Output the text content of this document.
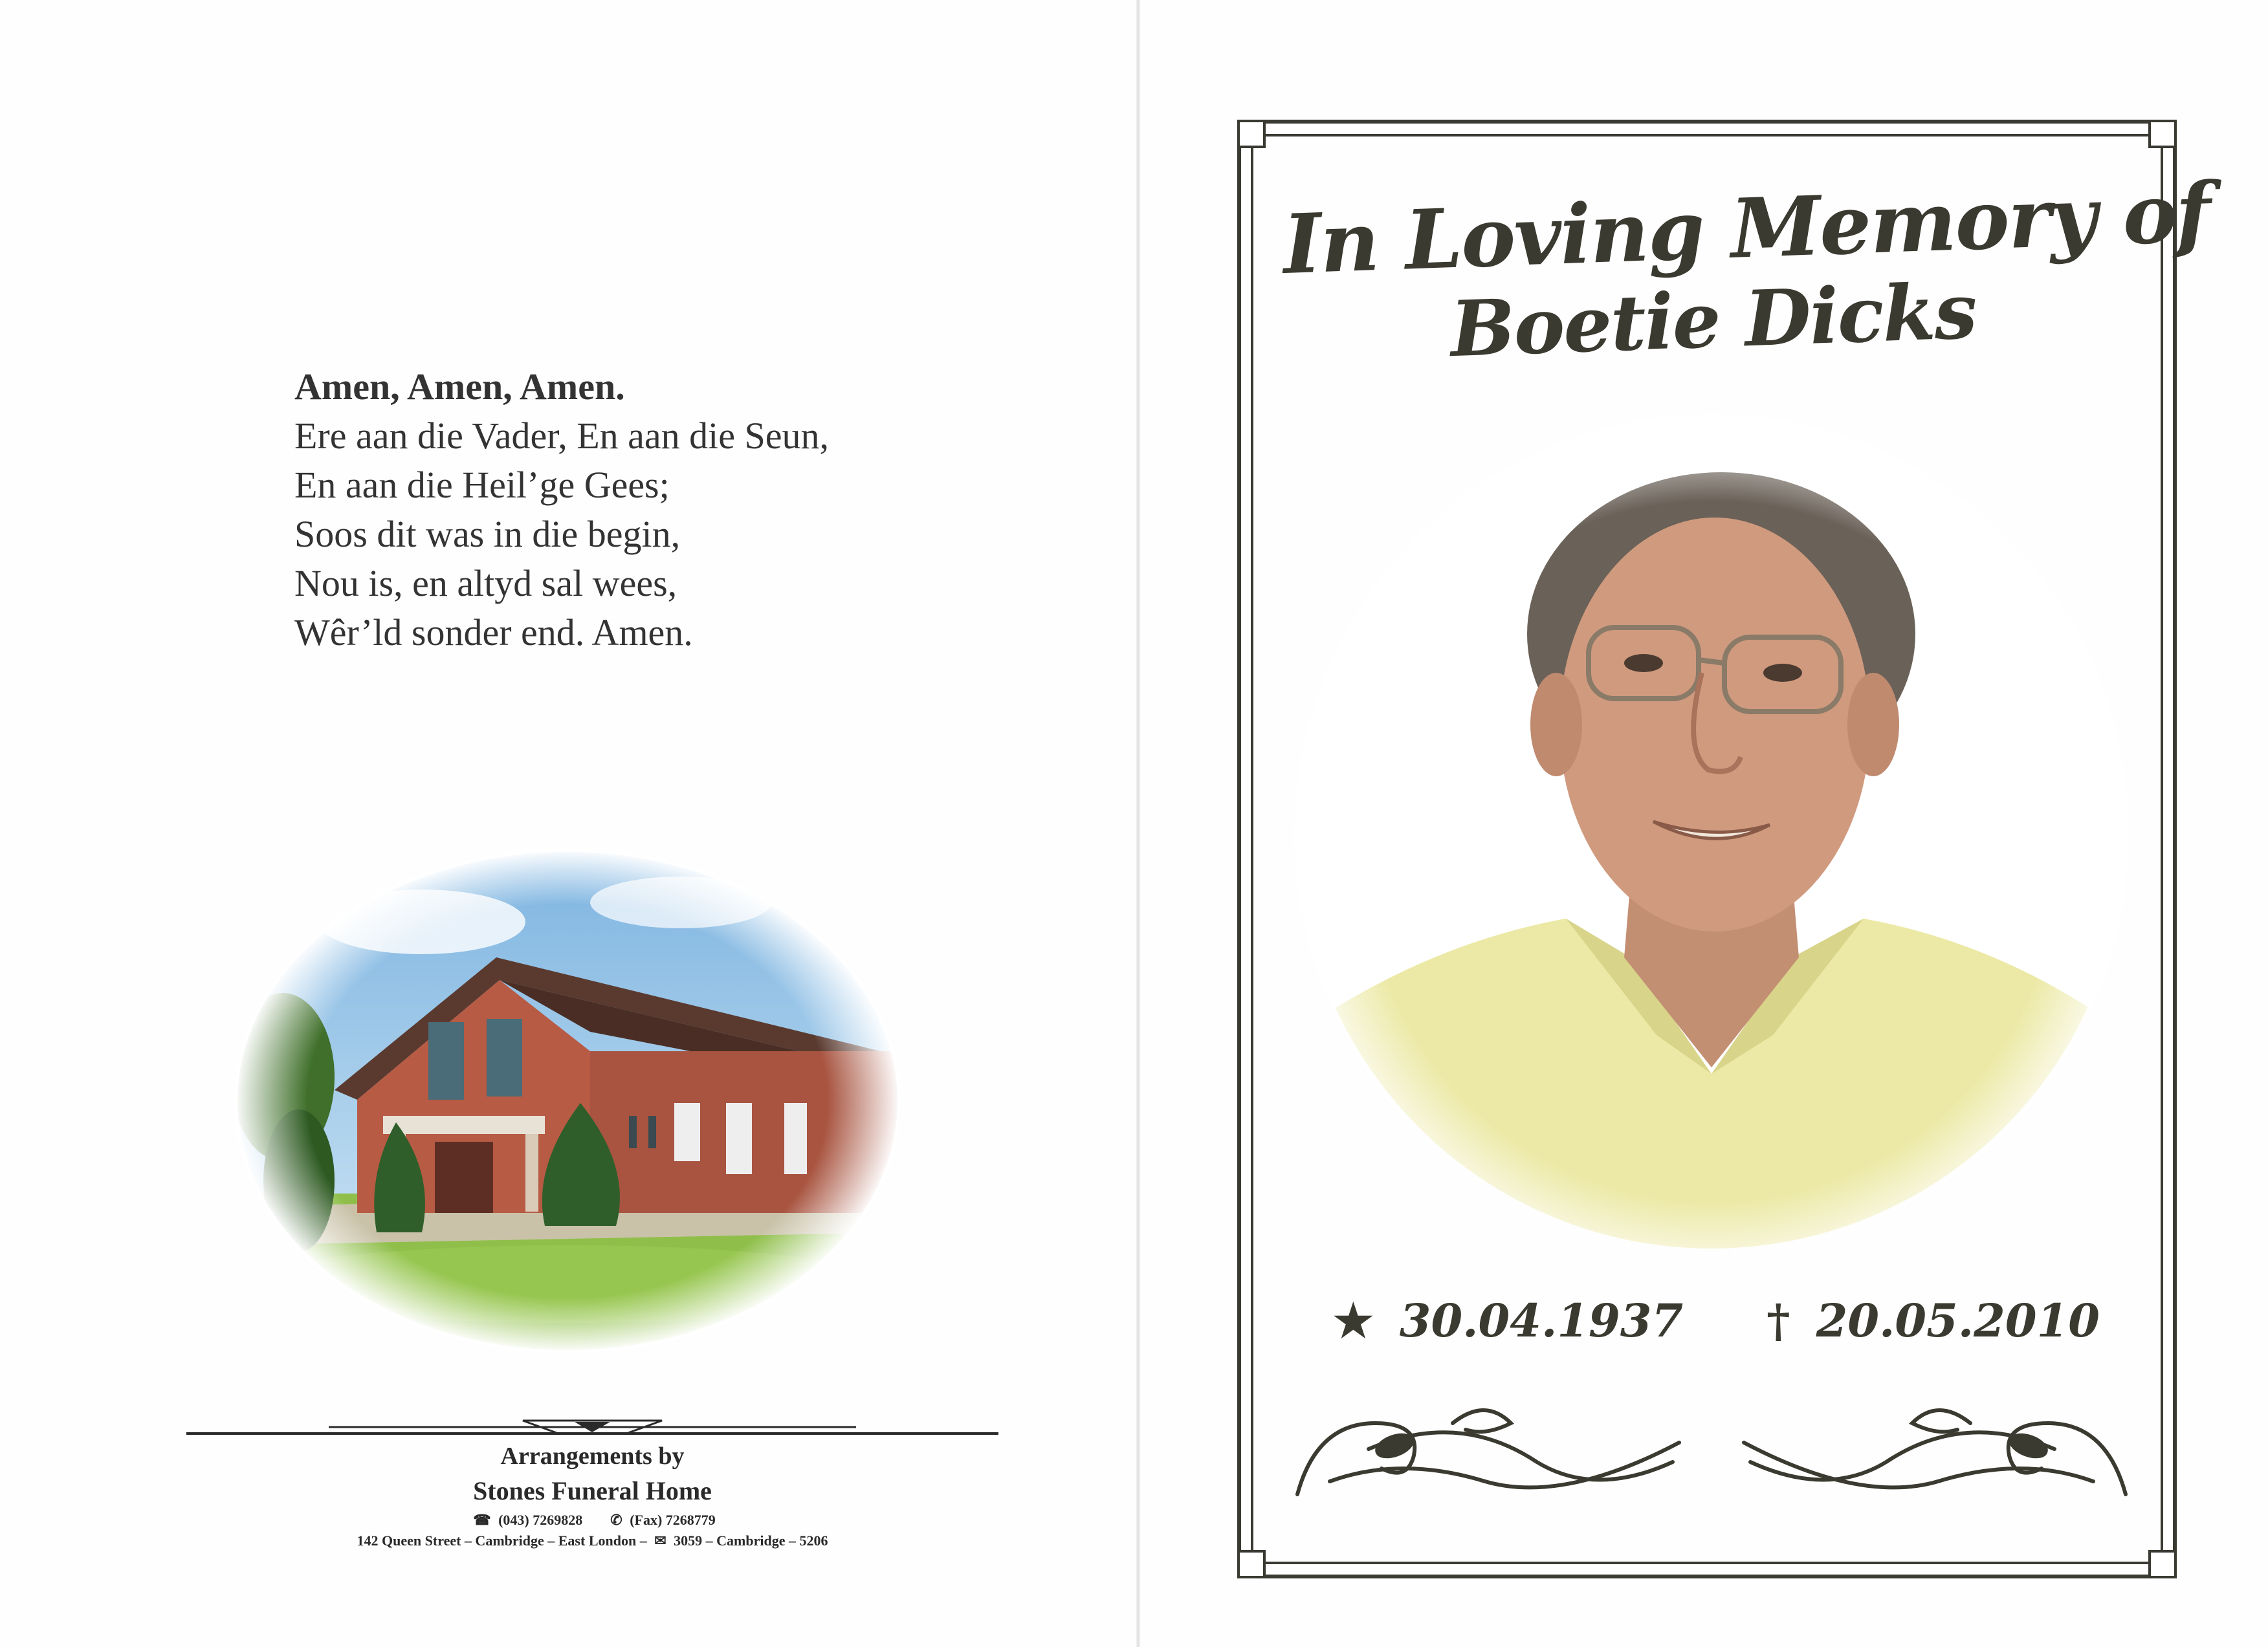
Amen, Amen, Amen.
Ere aan die Vader, En aan die Seun,
En aan die Heil’ge Gees;
Soos dit was in die begin,
Nou is, en altyd sal wees,
Wêr’ld sonder end. Amen.
Arrangements by
Stones Funeral Home
☎ (043) 7269828 ✆ (Fax) 7268779
142 Queen Street – Cambridge – East London – ✉ 3059 – Cambridge – 5206
In Loving Memory of
Boetie Dicks
★ 30.04.1937 † 20.05.2010
